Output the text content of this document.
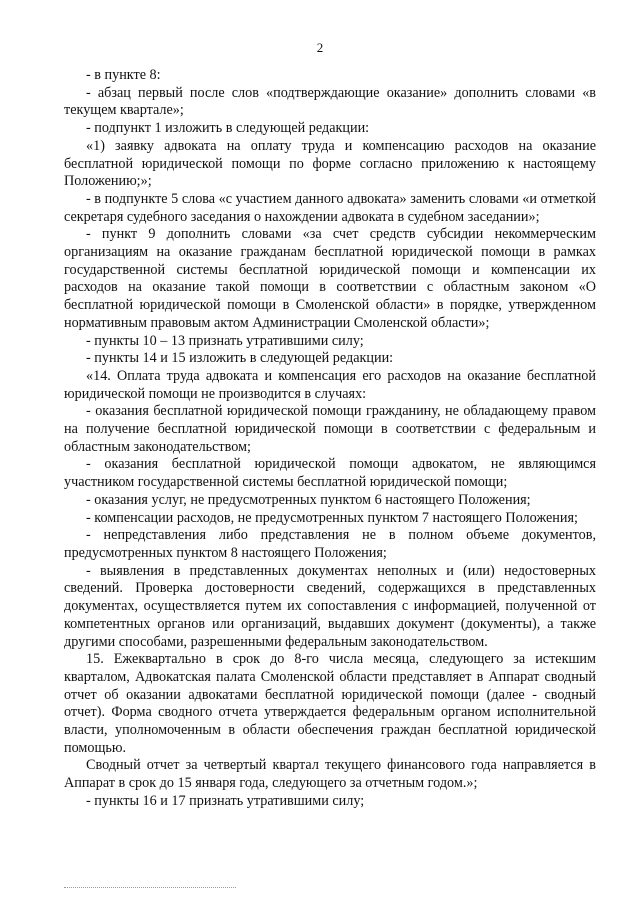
2

- в пункте 8:

- абзац первый после слов «подтверждающие оказание» дополнить словами «в текущем квартале»;

- подпункт 1 изложить в следующей редакции:

«1) заявку адвоката на оплату труда и компенсацию расходов на оказание бесплатной юридической помощи по форме согласно приложению к настоящему Положению;»;

- в подпункте 5 слова «с участием данного адвоката» заменить словами «и отметкой секретаря судебного заседания о нахождении адвоката в судебном заседании»;

- пункт 9 дополнить словами «за счет средств субсидии некоммерческим организациям на оказание гражданам бесплатной юридической помощи в рамках государственной системы бесплатной юридической помощи и компенсации их расходов на оказание такой помощи в соответствии с областным законом «О бесплатной юридической помощи в Смоленской области» в порядке, утвержденном нормативным правовым актом Администрации Смоленской области»;

- пункты 10 – 13 признать утратившими силу;

- пункты 14 и 15 изложить в следующей редакции:

«14. Оплата труда адвоката и компенсация его расходов на оказание бесплатной юридической помощи не производится в случаях:

- оказания бесплатной юридической помощи гражданину, не обладающему правом на получение бесплатной юридической помощи в соответствии с федеральным и областным законодательством;

- оказания бесплатной юридической помощи адвокатом, не являющимся участником государственной системы бесплатной юридической помощи;

- оказания услуг, не предусмотренных пунктом 6 настоящего Положения;

- компенсации расходов, не предусмотренных пунктом 7 настоящего Положения;

- непредставления либо представления не в полном объеме документов, предусмотренных пунктом 8 настоящего Положения;

- выявления в представленных документах неполных и (или) недостоверных сведений. Проверка достоверности сведений, содержащихся в представленных документах, осуществляется путем их сопоставления с информацией, полученной от компетентных органов или организаций, выдавших документ (документы), а также другими способами, разрешенными федеральным законодательством.

15. Ежеквартально в срок до 8-го числа месяца, следующего за истекшим кварталом, Адвокатская палата Смоленской области представляет в Аппарат сводный отчет об оказании адвокатами бесплатной юридической помощи (далее - сводный отчет). Форма сводного отчета утверждается федеральным органом исполнительной власти, уполномоченным в области обеспечения граждан бесплатной юридической помощью.

Сводный отчет за четвертый квартал текущего финансового года направляется в Аппарат в срок до 15 января года, следующего за отчетным годом.»;

- пункты 16 и 17 признать утратившими силу;
